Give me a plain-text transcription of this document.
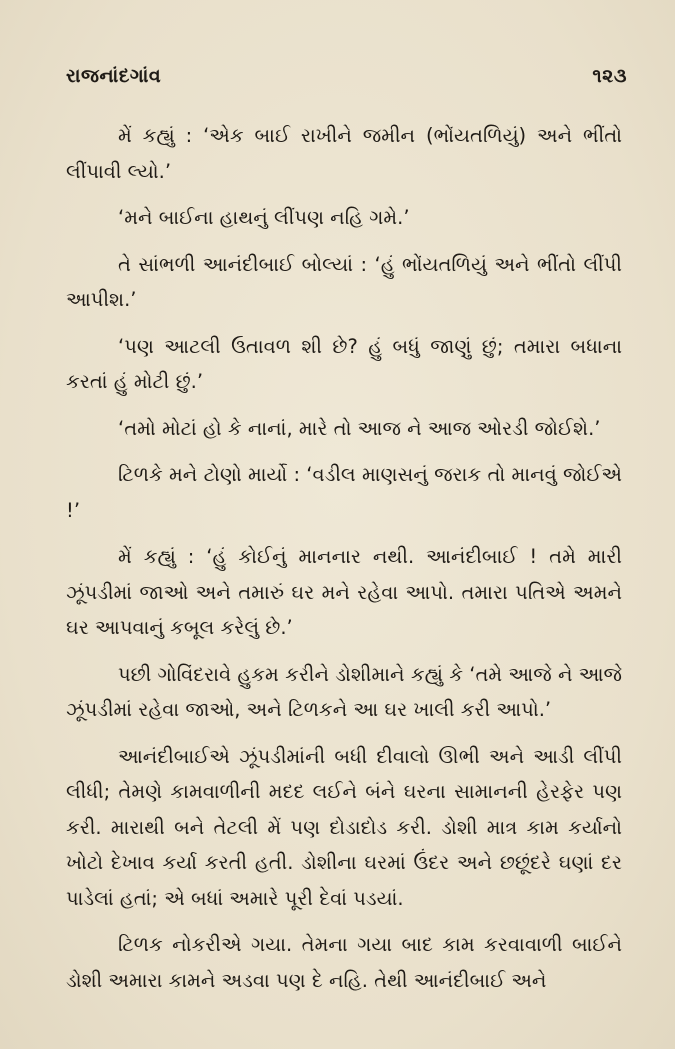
રાજનાંદગાંવ	૧૨૩

મેં કહ્યું : ‘એક બાઈ રાખીને જમીન (ભોંયતળિયું) અને ભીંતો લીંપાવી લ્યો.’

‘મને બાઈના હાથનું લીંપણ નહિ ગમે.’

તે સાંભળી આનંદીબાઈ બોલ્યાં : ‘હું ભોંયતળિયું અને ભીંતો લીંપી આપીશ.’

‘પણ આટલી ઉતાવળ શી છે? હું બધું જાણું છું; તમારા બધાના કરતાં હું મોટી છું.’

‘તમો મોટાં હો કે નાનાં, મારે તો આજ ને આજ ઓરડી જોઈશે.’

ટિળકે મને ટોણો માર્યો : ‘વડીલ માણસનું જરાક તો માનવું જોઈએ !’

મેં કહ્યું : ‘હું કોઈનું માનનાર નથી. આનંદીબાઈ ! તમે મારી ઝૂંપડીમાં જાઓ અને તમારું ઘર મને રહેવા આપો. તમારા પતિએ અમને ઘર આપવાનું કબૂલ કરેલું છે.’

પછી ગોવિંદરાવે હુકમ કરીને ડોશીમાને કહ્યું કે ‘તમે આજે ને આજે ઝૂંપડીમાં રહેવા જાઓ, અને ટિળકને આ ઘર ખાલી કરી આપો.’

આનંદીબાઈએ ઝૂંપડીમાંની બધી દીવાલો ઊભી અને આડી લીંપી લીધી; તેમણે કામવાળીની મદદ લઈને બંને ઘરના સામાનની હેરફેર પણ કરી. મારાથી બને તેટલી મેં પણ દોડાદોડ કરી. ડોશી માત્ર કામ કર્યાનો ખોટો દેખાવ કર્યા કરતી હતી. ડોશીના ઘરમાં ઉંદર અને છછૂંદરે ઘણાં દર પાડેલાં હતાં; એ બધાં અમારે પૂરી દેવાં પડયાં.

ટિળક નોકરીએ ગયા. તેમના ગયા બાદ કામ કરવાવાળી બાઈને ડોશી અમારા કામને અડવા પણ દે નહિ. તેથી આનંદીબાઈ અને
